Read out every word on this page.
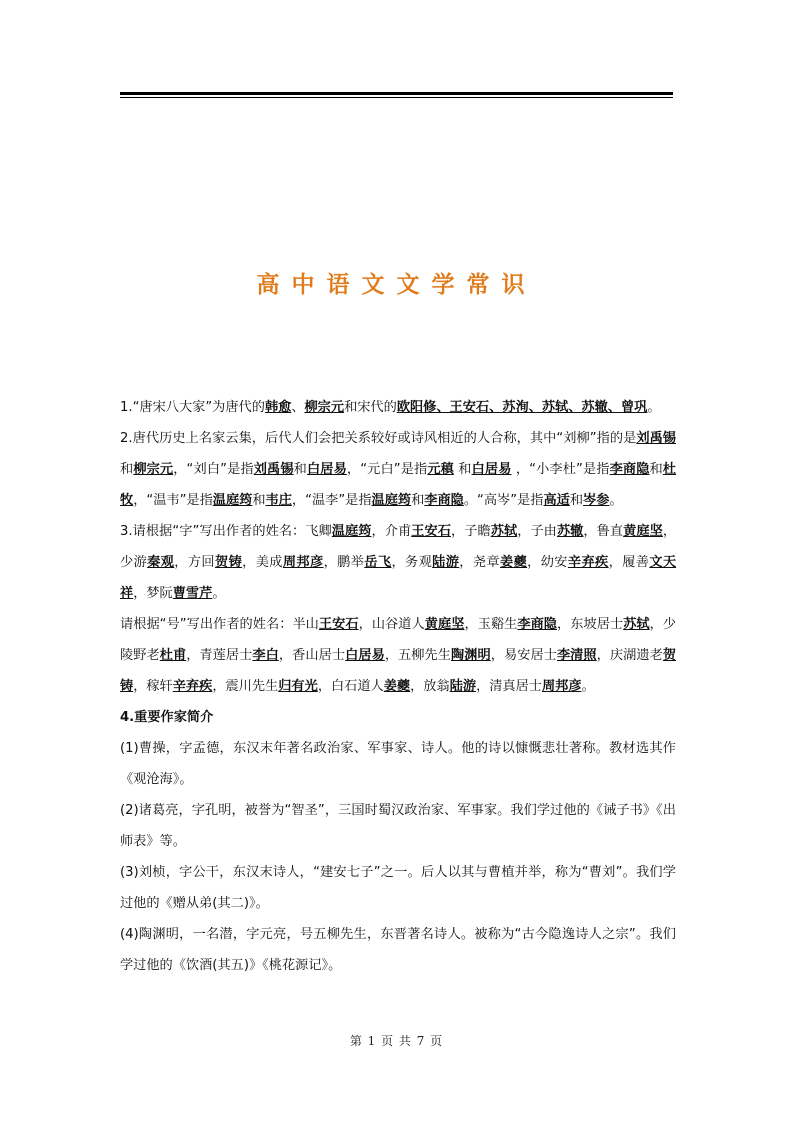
高中语文文学常识

1.“唐宋八大家”为唐代的韩愈、柳宗元和宋代的欧阳修、王安石、苏洵、苏轼、苏辙、曾巩。

2.唐代历史上名家云集，后代人们会把关系较好或诗风相近的人合称，其中“刘柳”指的是刘禹锡和柳宗元，“刘白”是指刘禹锡和白居易，“元白”是指元稹 和白居易 ，“小李杜”是指李商隐和杜牧，“温韦”是指温庭筠和韦庄，“温李”是指温庭筠和李商隐。“高岑”是指高适和岑参。

3.请根据“字”写出作者的姓名：飞卿温庭筠，介甫王安石，子瞻苏轼，子由苏辙，鲁直黄庭坚，少游秦观，方回贺铸，美成周邦彦，鹏举岳飞，务观陆游，尧章姜夔，幼安辛弃疾，履善文天祥，梦阮曹雪芹。

请根据“号”写出作者的姓名：半山王安石，山谷道人黄庭坚，玉谿生李商隐，东坡居士苏轼，少陵野老杜甫，青莲居士李白，香山居士白居易，五柳先生陶渊明，易安居士李清照，庆湖遗老贺铸，稼轩辛弃疾，震川先生归有光，白石道人姜夔，放翁陆游，清真居士周邦彦。

4.重要作家简介

(1)曹操，字孟德，东汉末年著名政治家、军事家、诗人。他的诗以慷慨悲壮著称。教材选其作《观沧海》。

(2)诸葛亮，字孔明，被誉为“智圣”，三国时蜀汉政治家、军事家。我们学过他的《诫子书》《出师表》等。

(3)刘桢，字公干，东汉末诗人，“建安七子”之一。后人以其与曹植并举，称为“曹刘”。我们学过他的《赠从弟(其二)》。

(4)陶渊明，一名潜，字元亮，号五柳先生，东晋著名诗人。被称为“古今隐逸诗人之宗”。我们学过他的《饮酒(其五)》《桃花源记》。

第 1 页 共 7 页
